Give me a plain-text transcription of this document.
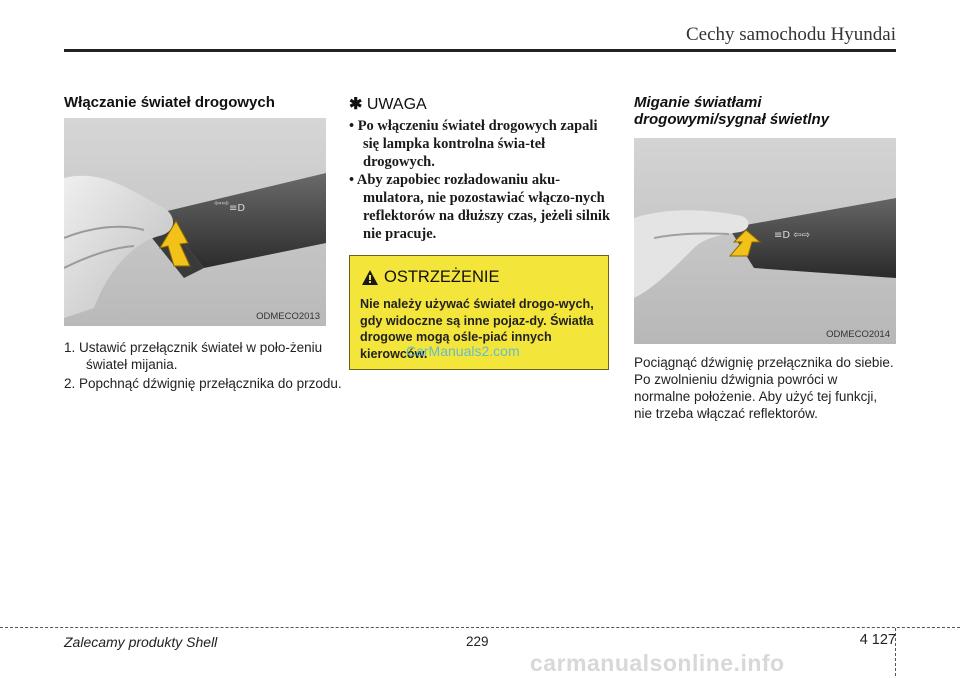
Cechy samochodu Hyundai
Włączanie świateł drogowych
≡D
⇦⇨
ODMECO2013
1. Ustawić przełącznik świateł w poło-żeniu świateł mijania.
2. Popchnąć dźwignię przełącznika do przodu.
✱ UWAGA
• Po włączeniu świateł drogowych zapali się lampka kontrolna świa-teł drogowych.
• Aby zapobiec rozładowaniu aku-mulatora, nie pozostawiać włączo-nych reflektorów na dłuższy czas, jeżeli silnik nie pracuje.
OSTRZEŻENIE
Nie należy używać świateł drogo-wych, gdy widoczne są inne pojaz-dy. Światła drogowe mogą ośle-piać innych kierowców.
CarManuals2.com
Miganie światłami
drogowymi/sygnał świetlny
≡D ⇦⇨
ODMECO2014
Pociągnąć dźwignię przełącznika do siebie. Po zwolnieniu dźwignia powróci w normalne położenie. Aby użyć tej funkcji, nie trzeba włączać reflektorów.
Zalecamy produkty Shell	229	4 127
carmanualsonline.info
